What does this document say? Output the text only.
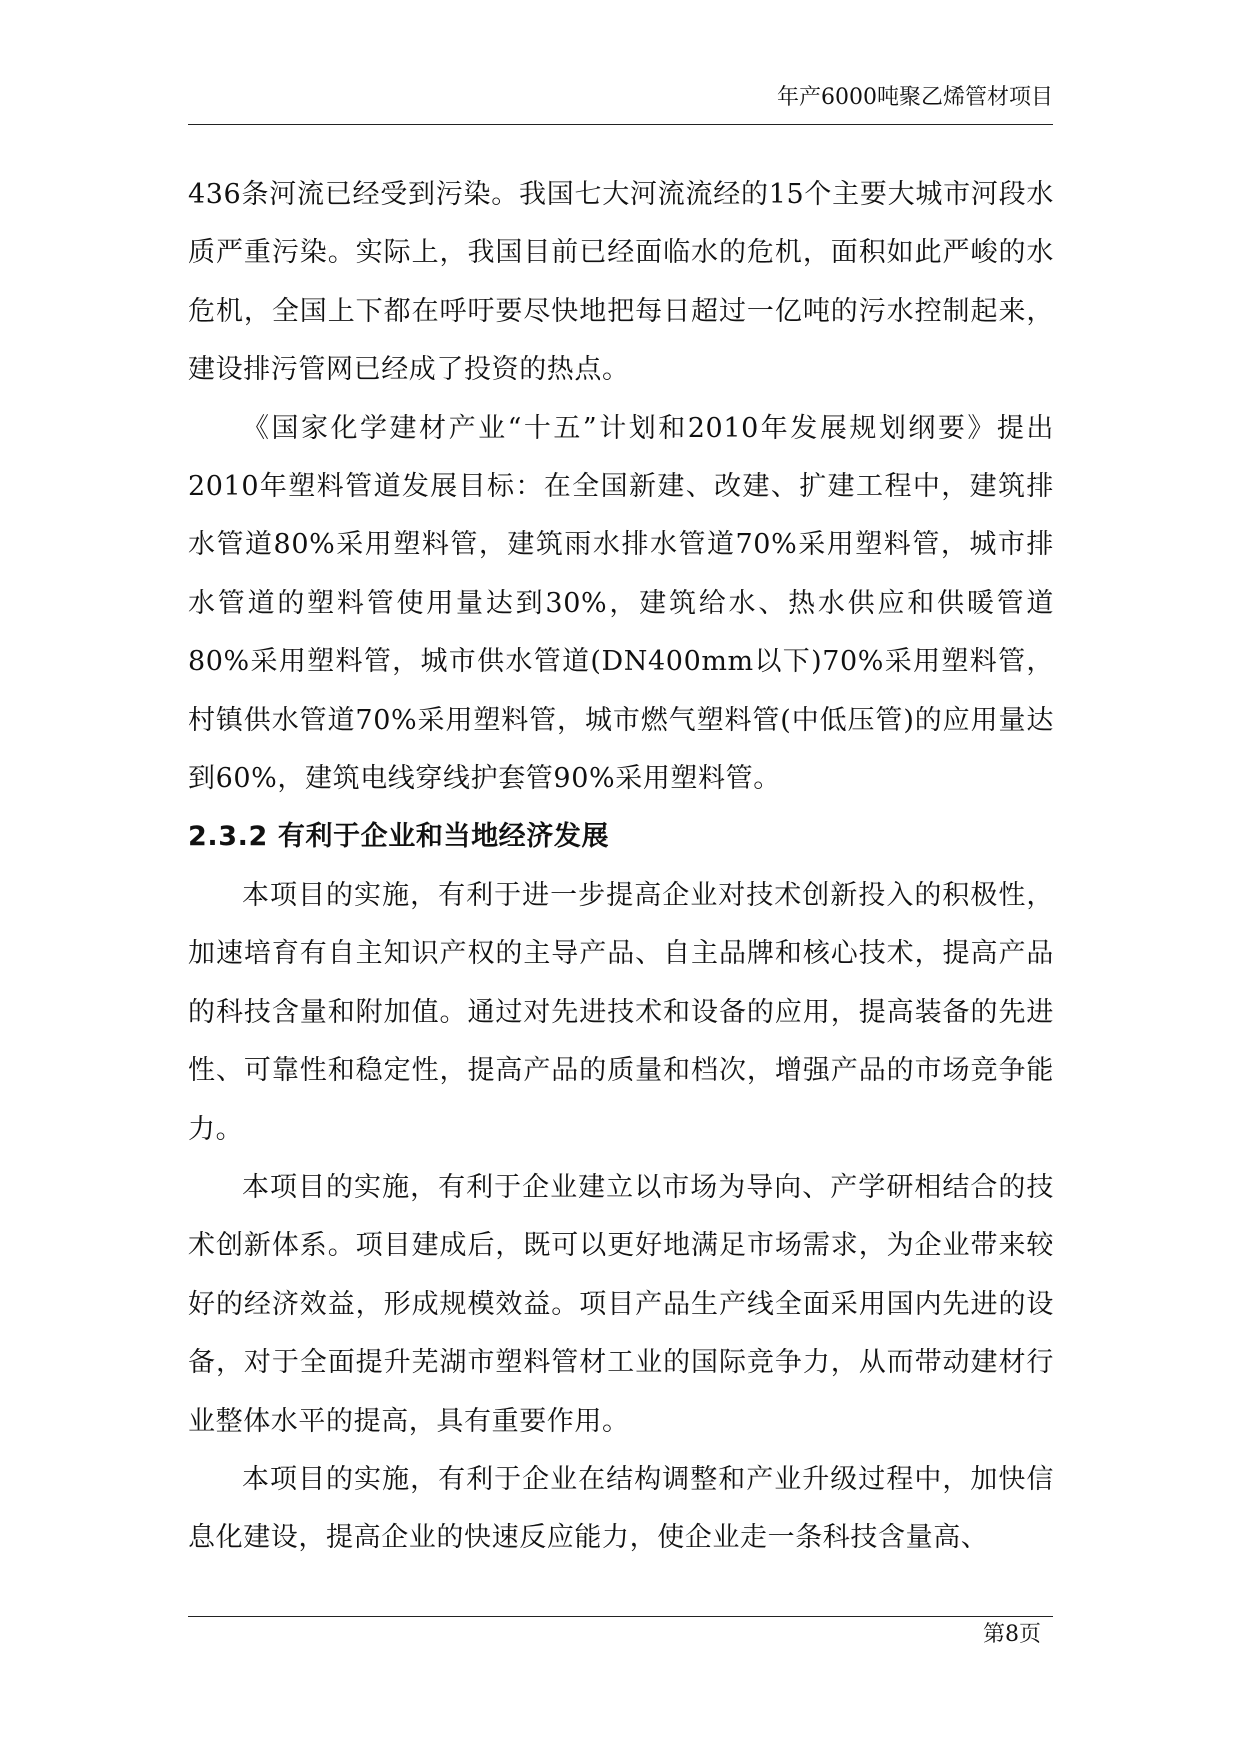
年产6000吨聚乙烯管材项目

436条河流已经受到污染。我国七大河流流经的15个主要大城市河段水质严重污染。实际上，我国目前已经面临水的危机，面积如此严峻的水危机，全国上下都在呼吁要尽快地把每日超过一亿吨的污水控制起来，建设排污管网已经成了投资的热点。

《国家化学建材产业“十五”计划和2010年发展规划纲要》提出2010年塑料管道发展目标：在全国新建、改建、扩建工程中，建筑排水管道80%采用塑料管，建筑雨水排水管道70%采用塑料管，城市排水管道的塑料管使用量达到30%，建筑给水、热水供应和供暖管道80%采用塑料管，城市供水管道(DN400mm以下)70%采用塑料管，村镇供水管道70%采用塑料管，城市燃气塑料管(中低压管)的应用量达到60%，建筑电线穿线护套管90%采用塑料管。

2.3.2 有利于企业和当地经济发展

本项目的实施，有利于进一步提高企业对技术创新投入的积极性，加速培育有自主知识产权的主导产品、自主品牌和核心技术，提高产品的科技含量和附加值。通过对先进技术和设备的应用，提高装备的先进性、可靠性和稳定性，提高产品的质量和档次，增强产品的市场竞争能力。

本项目的实施，有利于企业建立以市场为导向、产学研相结合的技术创新体系。项目建成后，既可以更好地满足市场需求，为企业带来较好的经济效益，形成规模效益。项目产品生产线全面采用国内先进的设备，对于全面提升芜湖市塑料管材工业的国际竞争力，从而带动建材行业整体水平的提高，具有重要作用。

本项目的实施，有利于企业在结构调整和产业升级过程中，加快信息化建设，提高企业的快速反应能力，使企业走一条科技含量高、

第8页
